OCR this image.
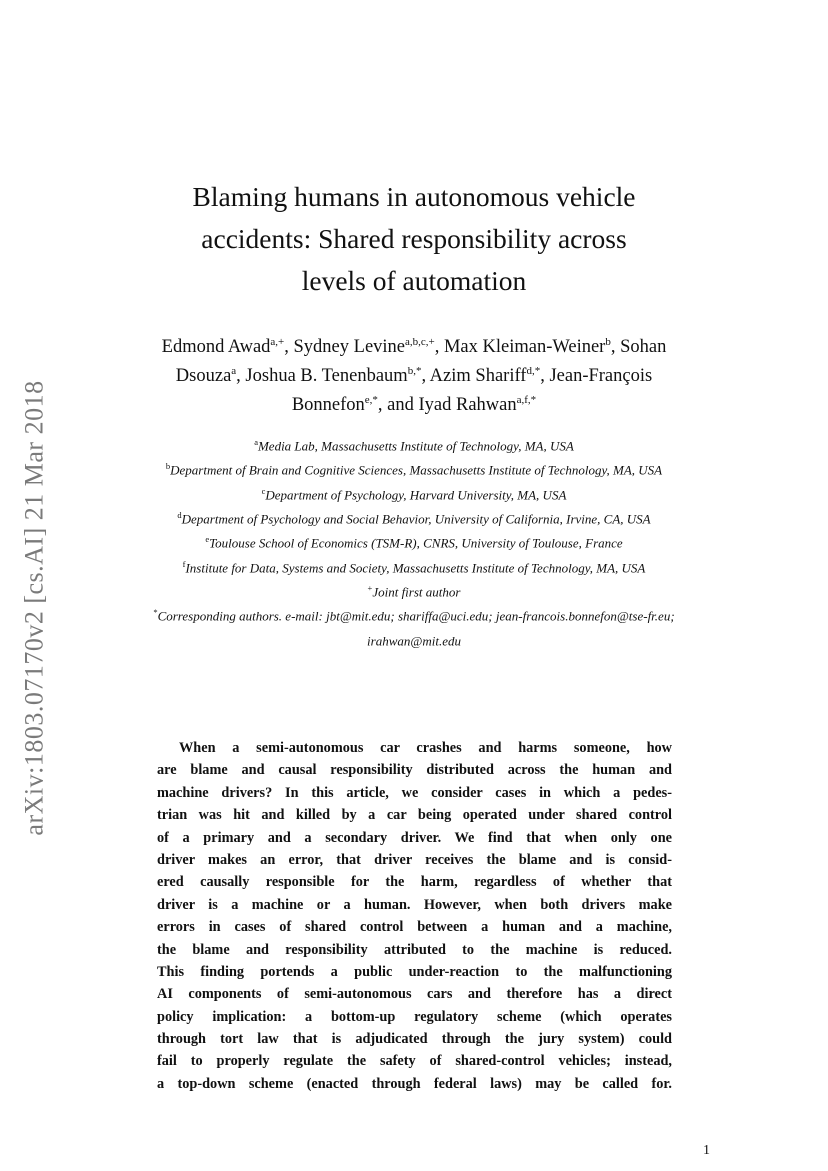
arXiv:1803.07170v2 [cs.AI] 21 Mar 2018
Blaming humans in autonomous vehicle
accidents: Shared responsibility across
levels of automation
Edmond Awad$^{a,+}$, Sydney Levine$^{a,b,c,+}$, Max Kleiman-Weiner$^b$, Sohan
Dsouza$^a$, Joshua B. Tenenbaum$^{b,*}$, Azim Shariff$^{d,*}$, Jean-François
Bonnefon$^{e,*}$, and Iyad Rahwan$^{a,f,*}$
$^a$Media Lab, Massachusetts Institute of Technology, MA, USA
$^b$Department of Brain and Cognitive Sciences, Massachusetts Institute of Technology, MA, USA
$^c$Department of Psychology, Harvard University, MA, USA
$^d$Department of Psychology and Social Behavior, University of California, Irvine, CA, USA
$^e$Toulouse School of Economics (TSM-R), CNRS, University of Toulouse, France
$^f$Institute for Data, Systems and Society, Massachusetts Institute of Technology, MA, USA
+Joint first author
*Corresponding authors. e-mail: jbt@mit.edu; shariffa@uci.edu; jean-francois.bonnefon@tse-fr.eu;
irahwan@mit.edu
When a semi-autonomous car crashes and harms someone, how
are blame and causal responsibility distributed across the human and
machine drivers? In this article, we consider cases in which a pedes-
trian was hit and killed by a car being operated under shared control
of a primary and a secondary driver. We find that when only one
driver makes an error, that driver receives the blame and is consid-
ered causally responsible for the harm, regardless of whether that
driver is a machine or a human. However, when both drivers make
errors in cases of shared control between a human and a machine,
the blame and responsibility attributed to the machine is reduced.
This finding portends a public under-reaction to the malfunctioning
AI components of semi-autonomous cars and therefore has a direct
policy implication: a bottom-up regulatory scheme (which operates
through tort law that is adjudicated through the jury system) could
fail to properly regulate the safety of shared-control vehicles; instead,
a top-down scheme (enacted through federal laws) may be called for.
1
